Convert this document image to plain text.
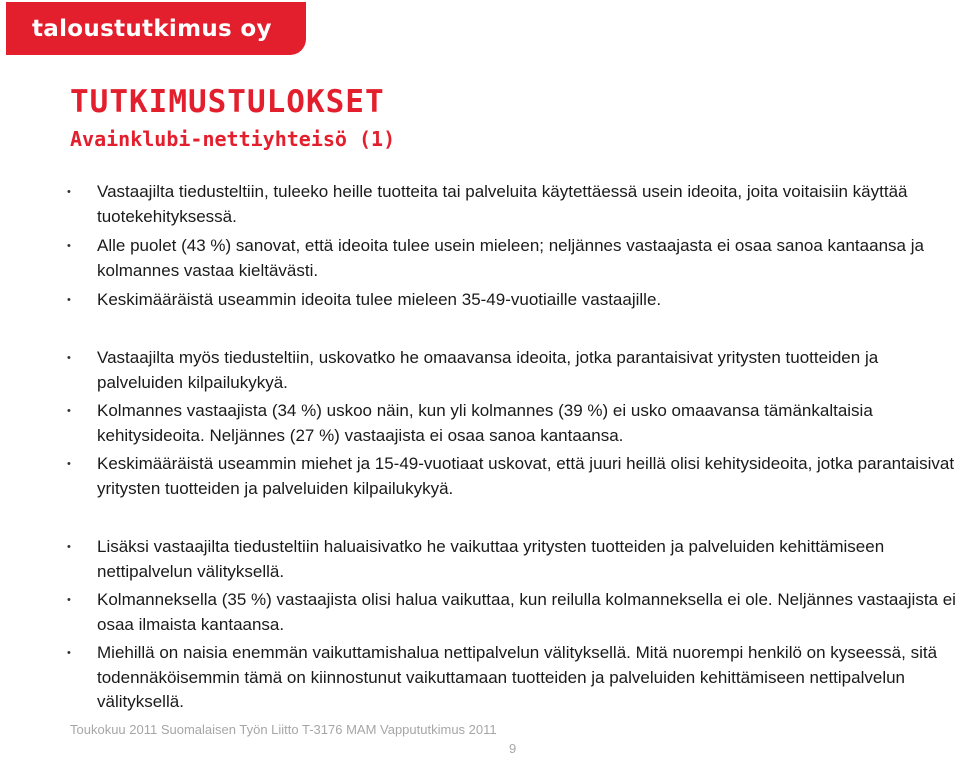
taloustutkimus oy
TUTKIMUSTULOKSET
Avainklubi-nettiyhteisö (1)
• Vastaajilta tiedusteltiin, tuleeko heille tuotteita tai palveluita käytettäessä usein ideoita, joita voitaisiin käyttää tuotekehityksessä.
• Alle puolet (43 %) sanovat, että ideoita tulee usein mieleen; neljännes vastaajasta ei osaa sanoa kantaansa ja kolmannes vastaa kieltävästi.
• Keskimääräistä useammin ideoita tulee mieleen 35-49-vuotiaille vastaajille.
• Vastaajilta myös tiedusteltiin, uskovatko he omaavansa ideoita, jotka parantaisivat yritysten tuotteiden ja palveluiden kilpailukykyä.
• Kolmannes vastaajista (34 %) uskoo näin, kun yli kolmannes (39 %) ei usko omaavansa tämänkaltaisia kehitysideoita. Neljännes (27 %) vastaajista ei osaa sanoa kantaansa.
• Keskimääräistä useammin miehet ja 15-49-vuotiaat uskovat, että juuri heillä olisi kehitysideoita, jotka parantaisivat yritysten tuotteiden ja palveluiden kilpailukykyä.
• Lisäksi vastaajilta tiedusteltiin haluaisivatko he vaikuttaa yritysten tuotteiden ja palveluiden kehittämiseen nettipalvelun välityksellä.
• Kolmanneksella (35 %) vastaajista olisi halua vaikuttaa, kun reilulla kolmanneksella ei ole. Neljännes vastaajista ei osaa ilmaista kantaansa.
• Miehillä on naisia enemmän vaikuttamishalua nettipalvelun välityksellä. Mitä nuorempi henkilö on kyseessä, sitä todennäköisemmin tämä on kiinnostunut vaikuttamaan tuotteiden ja palveluiden kehittämiseen nettipalvelun välityksellä.
Toukokuu 2011 Suomalaisen Työn Liitto T-3176 MAM Vappututkimus 2011
9
